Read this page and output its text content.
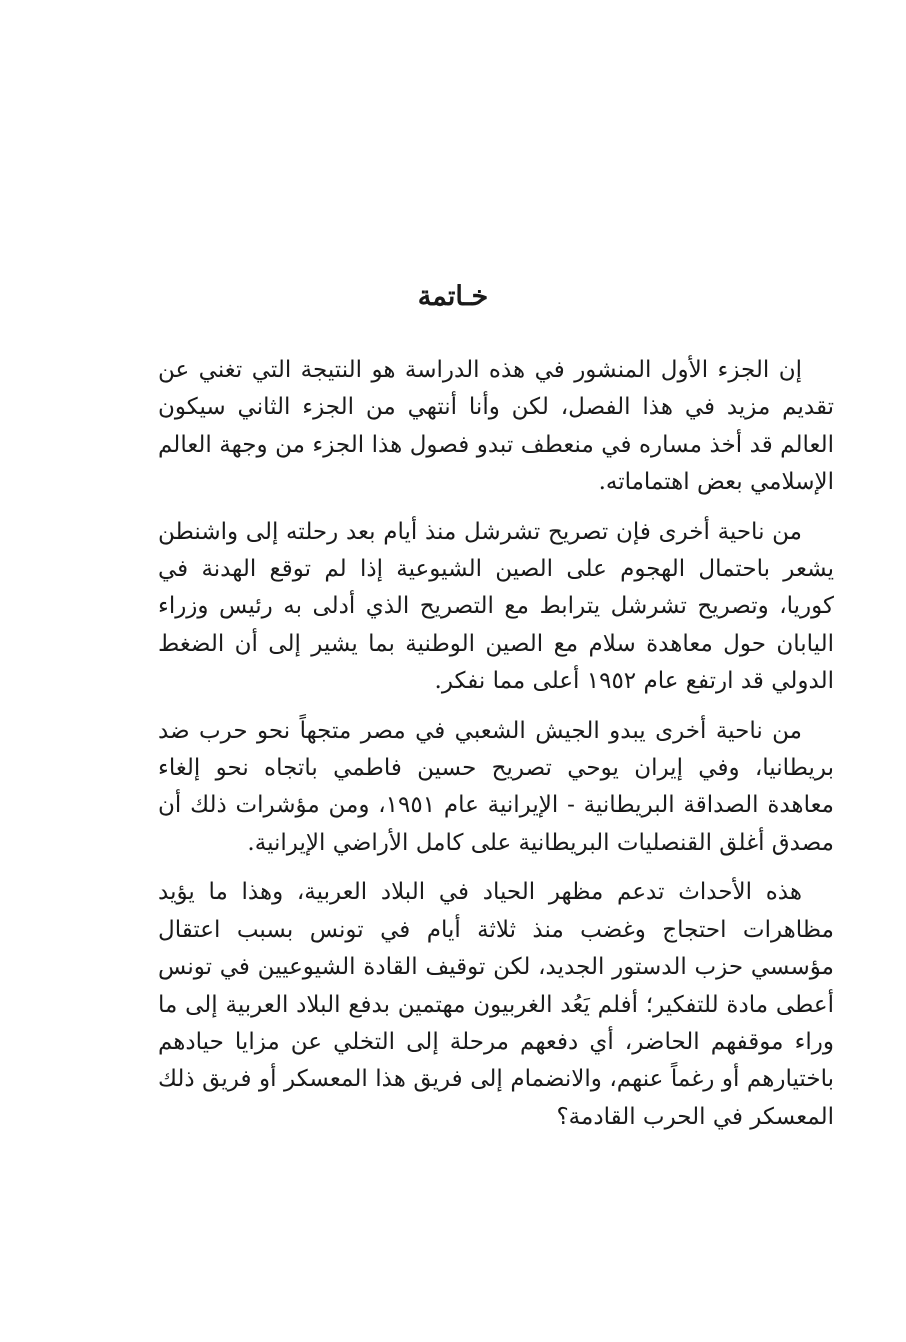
خـاتمة

إن الجزء الأول المنشور في هذه الدراسة هو النتيجة التي تغني عن تقديم مزيد في هذا الفصل، لكن وأنا أنتهي من الجزء الثاني سيكون العالم قد أخذ مساره في منعطف تبدو فصول هذا الجزء من وجهة العالم الإسلامي بعض اهتماماته.

من ناحية أخرى فإن تصريح تشرشل منذ أيام بعد رحلته إلى واشنطن يشعر باحتمال الهجوم على الصين الشيوعية إذا لم توقع الهدنة في كوريا، وتصريح تشرشل يترابط مع التصريح الذي أدلى به رئيس وزراء اليابان حول معاهدة سلام مع الصين الوطنية بما يشير إلى أن الضغط الدولي قد ارتفع عام ١٩٥٢ أعلى مما نفكر.

من ناحية أخرى يبدو الجيش الشعبي في مصر متجهاً نحو حرب ضد بريطانيا، وفي إيران يوحي تصريح حسين فاطمي باتجاه نحو إلغاء معاهدة الصداقة البريطانية - الإيرانية عام ١٩٥١، ومن مؤشرات ذلك أن مصدق أغلق القنصليات البريطانية على كامل الأراضي الإيرانية.

هذه الأحداث تدعم مظهر الحياد في البلاد العربية، وهذا ما يؤيد مظاهرات احتجاج وغضب منذ ثلاثة أيام في تونس بسبب اعتقال مؤسسي حزب الدستور الجديد، لكن توقيف القادة الشيوعيين في تونس أعطى مادة للتفكير؛ أفلم يَعُد الغربيون مهتمين بدفع البلاد العربية إلى ما وراء موقفهم الحاضر، أي دفعهم مرحلة إلى التخلي عن مزايا حيادهم باختيارهم أو رغماً عنهم، والانضمام إلى فريق هذا المعسكر أو فريق ذلك المعسكر في الحرب القادمة؟
